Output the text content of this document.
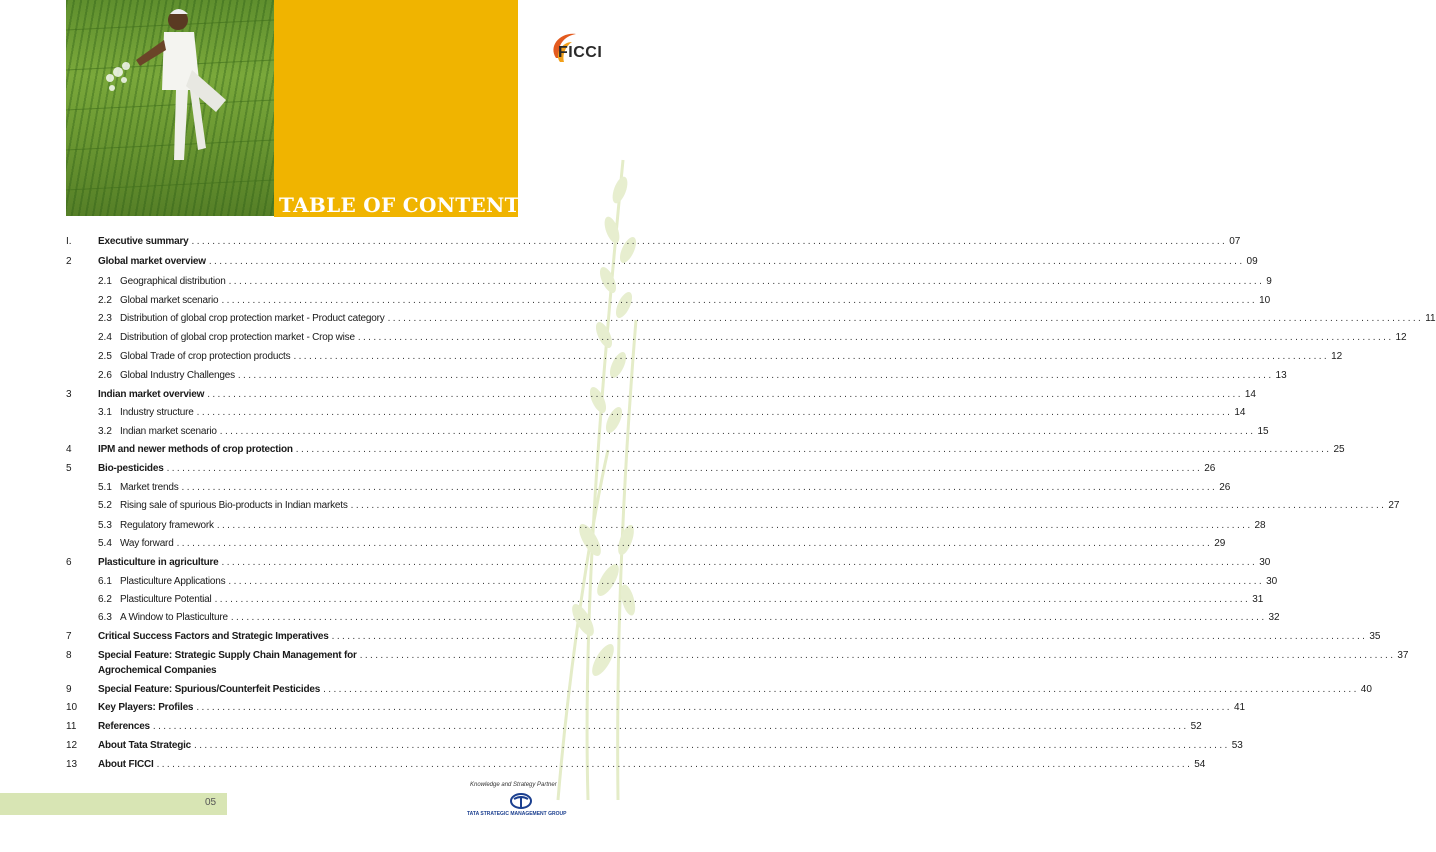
TABLE OF CONTENT
FICCI
I.	Executive summary ........................................................................................................................................................................................................ 07
2	Global market overview ........................................................................................................................................................................................................ 09
2.1 Geographical distribution ........................................................................................................................................................................................................ 9
2.2 Global market scenario ........................................................................................................................................................................................................ 10
2.3 Distribution of global crop protection market - Product category ........................................................................................................................................................................................................ 11
2.4 Distribution of global crop protection market - Crop wise ........................................................................................................................................................................................................ 12
2.5 Global Trade of crop protection products ........................................................................................................................................................................................................ 12
2.6 Global Industry Challenges ........................................................................................................................................................................................................ 13
3	Indian market overview ........................................................................................................................................................................................................ 14
3.1 Industry structure ........................................................................................................................................................................................................ 14
3.2 Indian market scenario ........................................................................................................................................................................................................ 15
4	IPM and newer methods of crop protection ........................................................................................................................................................................................................ 25
5	Bio-pesticides ........................................................................................................................................................................................................ 26
5.1 Market trends ........................................................................................................................................................................................................ 26
5.2 Rising sale of spurious Bio-products in Indian markets ........................................................................................................................................................................................................ 27
5.3 Regulatory framework ........................................................................................................................................................................................................ 28
5.4 Way forward ........................................................................................................................................................................................................ 29
6	Plasticulture in agriculture ........................................................................................................................................................................................................ 30
6.1 Plasticulture Applications ........................................................................................................................................................................................................ 30
6.2 Plasticulture Potential ........................................................................................................................................................................................................ 31
6.3 A Window to Plasticulture ........................................................................................................................................................................................................ 32
7	Critical Success Factors and Strategic Imperatives ........................................................................................................................................................................................................ 35
8	Special Feature: Strategic Supply Chain Management for ........................................................................................................................................................................................................ 37
Agrochemical Companies
9	Special Feature: Spurious/Counterfeit Pesticides ........................................................................................................................................................................................................ 40
10 Key Players: Profiles ........................................................................................................................................................................................................ 41
11 References ........................................................................................................................................................................................................ 52
12 About Tata Strategic ........................................................................................................................................................................................................ 53
13 About FICCI ........................................................................................................................................................................................................ 54
05
Knowledge and Strategy Partner
TATA STRATEGIC MANAGEMENT GROUP
